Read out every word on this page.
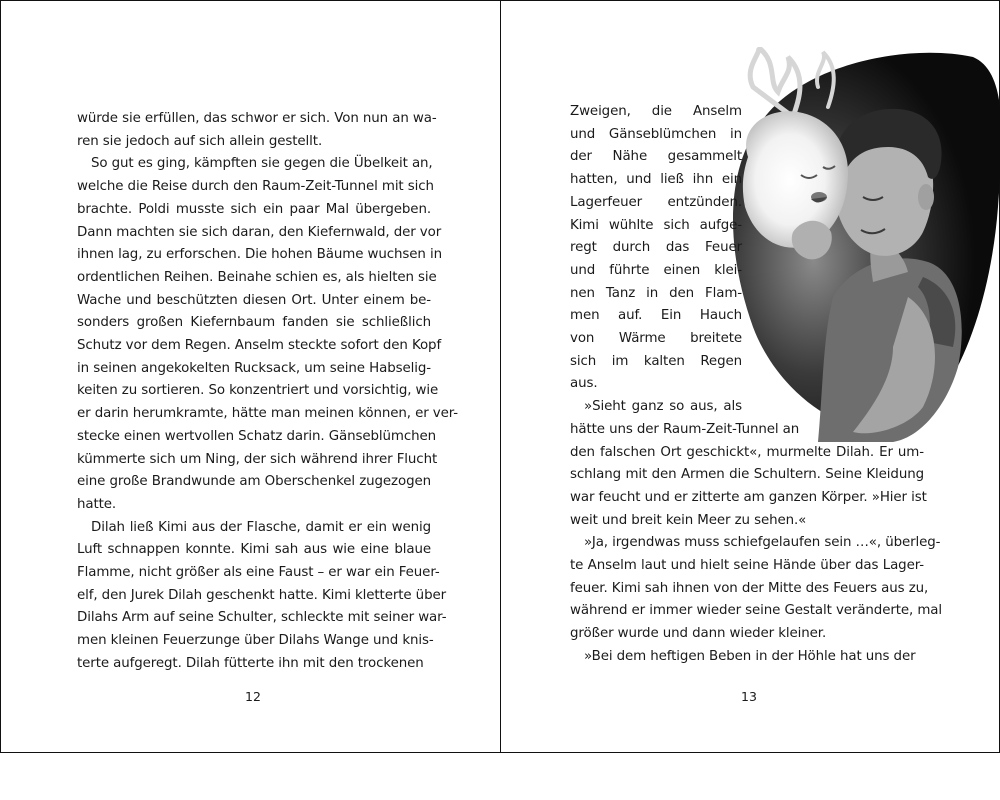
würde sie erfüllen, das schwor er sich. Von nun an wa-
ren sie jedoch auf sich allein gestellt.
So gut es ging, kämpften sie gegen die Übelkeit an,
welche die Reise durch den Raum-Zeit-Tunnel mit sich
brachte. Poldi musste sich ein paar Mal übergeben.
Dann machten sie sich daran, den Kiefernwald, der vor
ihnen lag, zu erforschen. Die hohen Bäume wuchsen in
ordentlichen Reihen. Beinahe schien es, als hielten sie
Wache und beschützten diesen Ort. Unter einem be-
sonders großen Kiefernbaum fanden sie schließlich
Schutz vor dem Regen. Anselm steckte sofort den Kopf
in seinen angekokelten Rucksack, um seine Habselig-
keiten zu sortieren. So konzentriert und vorsichtig, wie
er darin herumkramte, hätte man meinen können, er ver-
stecke einen wertvollen Schatz darin. Gänseblümchen
kümmerte sich um Ning, der sich während ihrer Flucht
eine große Brandwunde am Oberschenkel zugezogen
hatte.
Dilah ließ Kimi aus der Flasche, damit er ein wenig
Luft schnappen konnte. Kimi sah aus wie eine blaue
Flamme, nicht größer als eine Faust – er war ein Feuer-
elf, den Jurek Dilah geschenkt hatte. Kimi kletterte über
Dilahs Arm auf seine Schulter, schleckte mit seiner war-
men kleinen Feuerzunge über Dilahs Wange und knis-
terte aufgeregt. Dilah fütterte ihn mit den trockenen
12
Zweigen, die Anselm
und Gänseblümchen in
der Nähe gesammelt
hatten, und ließ ihn ein
Lagerfeuer entzünden.
Kimi wühlte sich aufge-
regt durch das Feuer
und führte einen klei-
nen Tanz in den Flam-
men auf. Ein Hauch
von Wärme breitete
sich im kalten Regen
aus.
»Sieht ganz so aus, als
hätte uns der Raum-Zeit-Tunnel an
den falschen Ort geschickt«, murmelte Dilah. Er um-
schlang mit den Armen die Schultern. Seine Kleidung
war feucht und er zitterte am ganzen Körper. »Hier ist
weit und breit kein Meer zu sehen.«
»Ja, irgendwas muss schiefgelaufen sein …«, überleg-
te Anselm laut und hielt seine Hände über das Lager-
feuer. Kimi sah ihnen von der Mitte des Feuers aus zu,
während er immer wieder seine Gestalt veränderte, mal
größer wurde und dann wieder kleiner.
»Bei dem heftigen Beben in der Höhle hat uns der
13
